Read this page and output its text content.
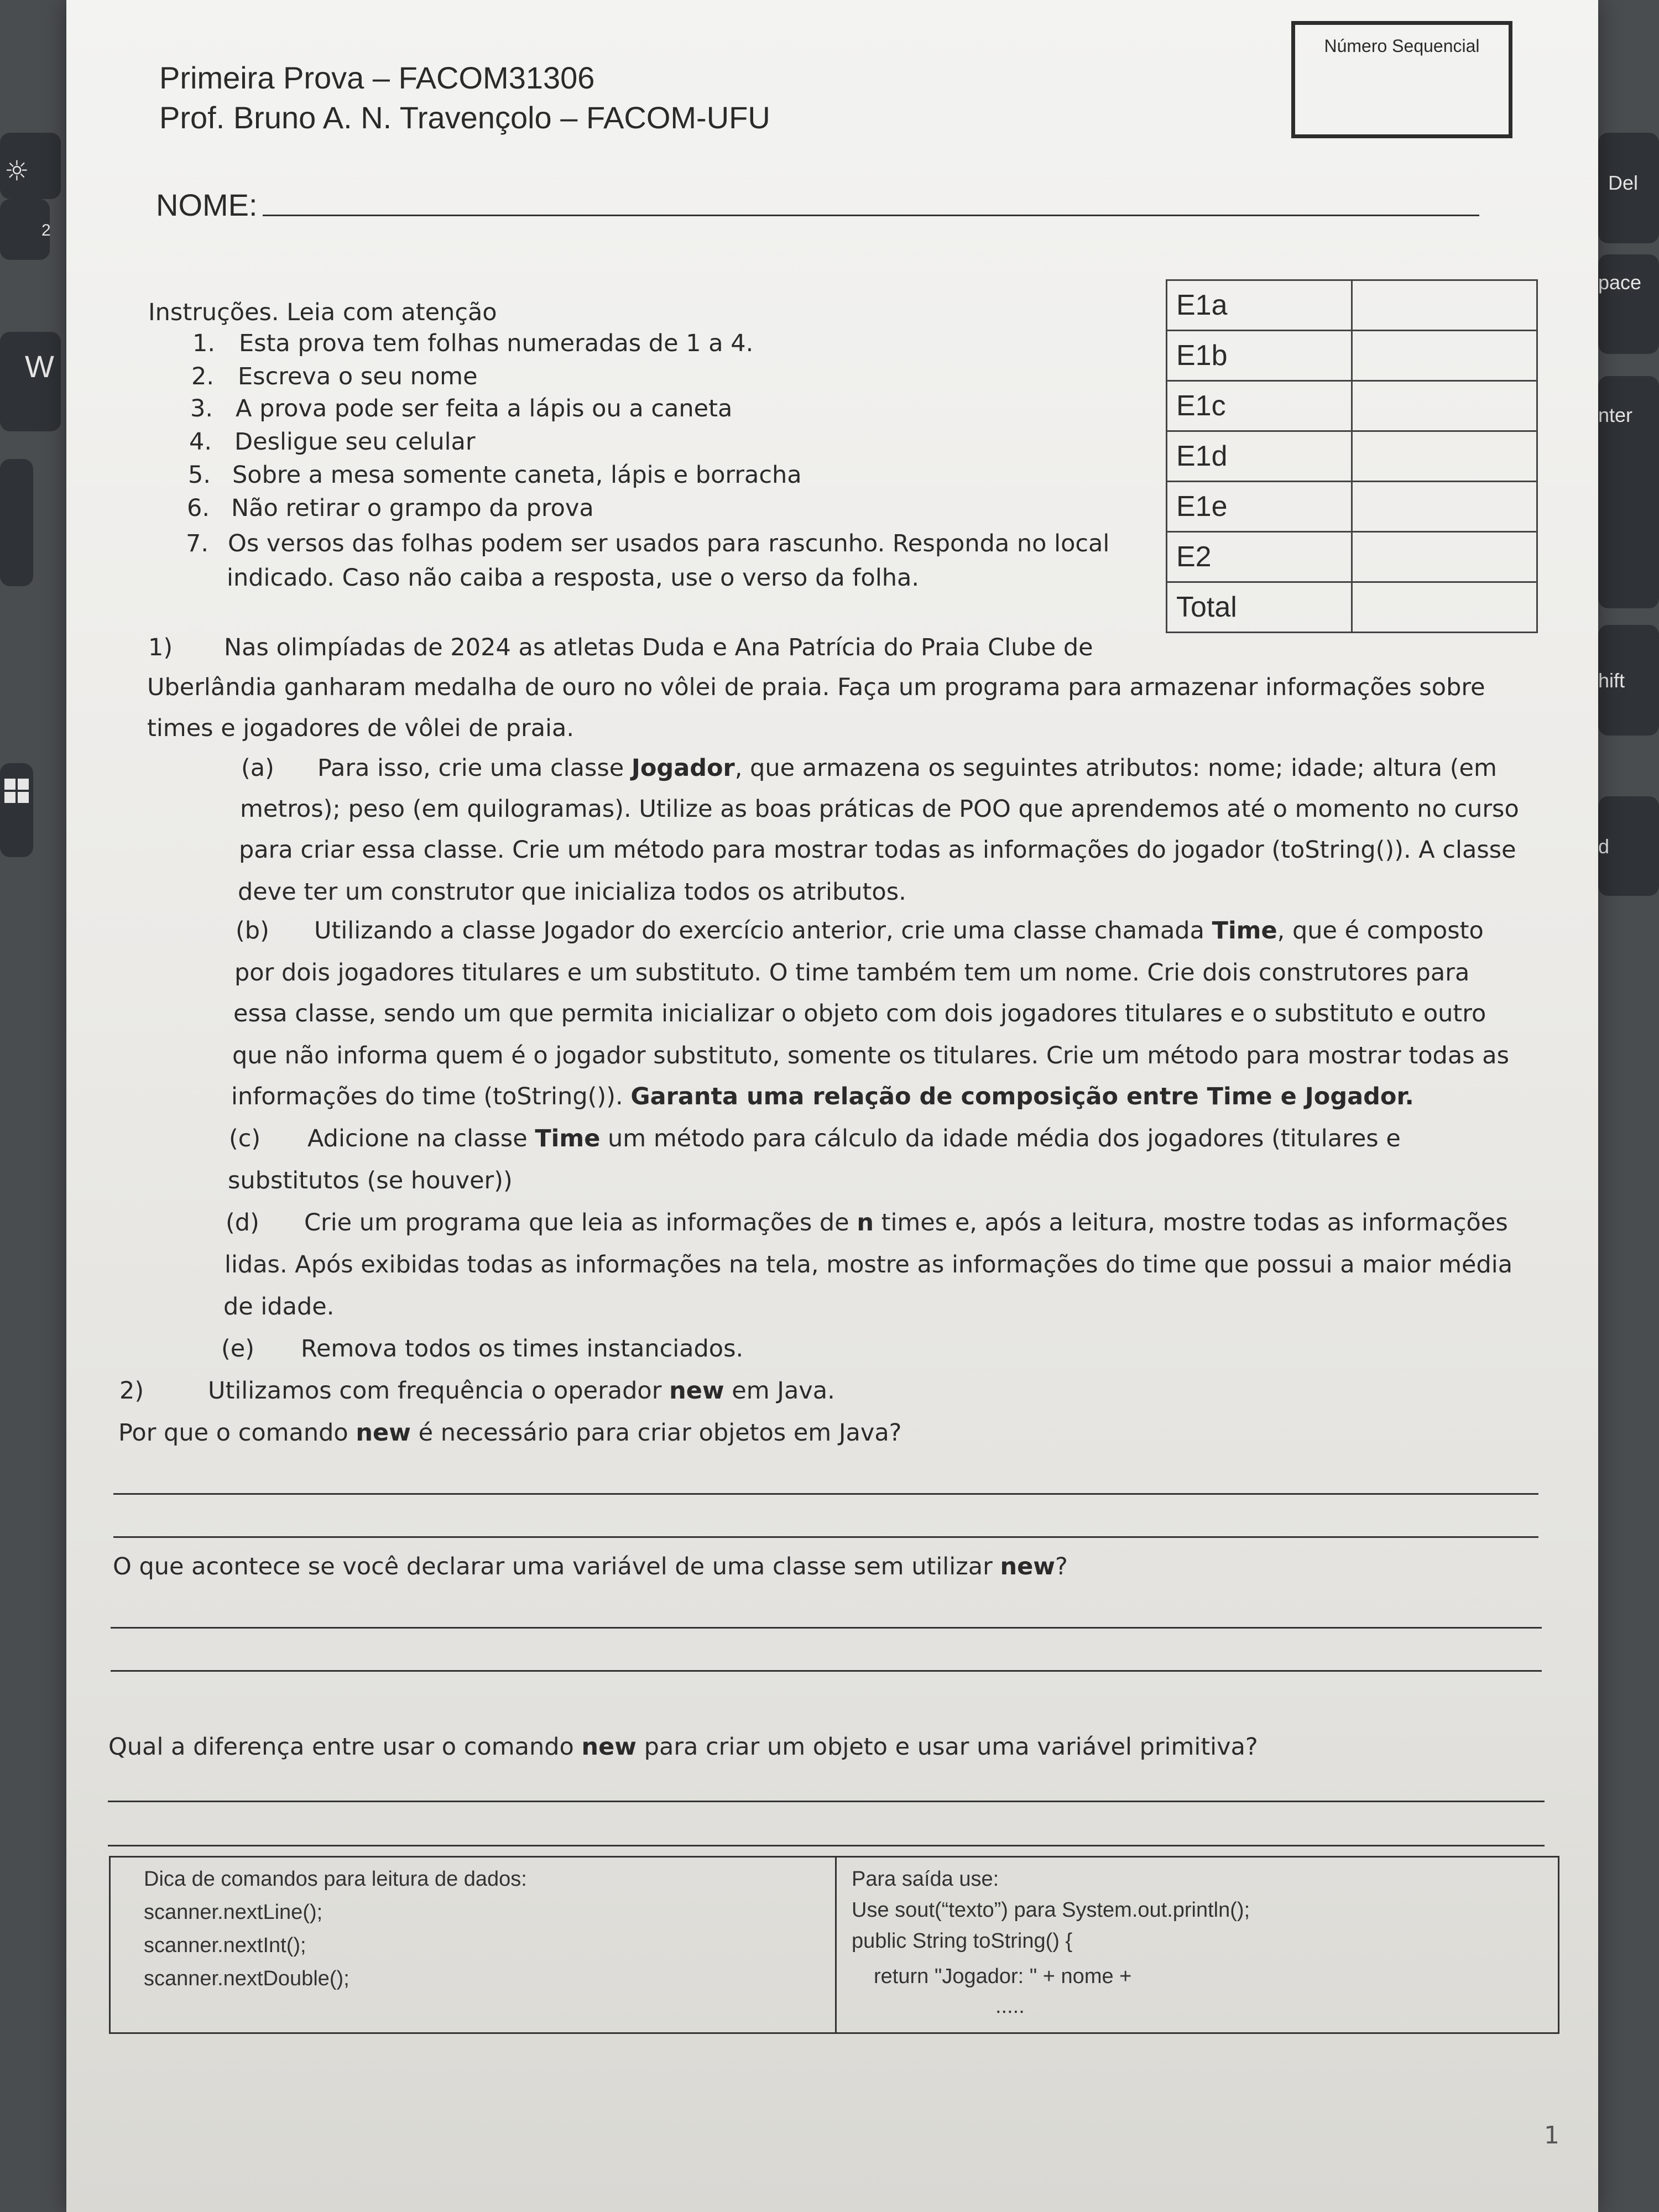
2
W
☼	Del
pace
nter
hift
d
Primeira Prova – FACOM31306
Prof. Bruno A. N. Travençolo – FACOM-UFU
Número Sequencial
NOME:
E1a	
E1b	
E1c	
E1d	
E1e	
E2	
Total	
Instruções. Leia com atenção
1. Esta prova tem folhas numeradas de 1 a 4.
2. Escreva o seu nome
3. A prova pode ser feita a lápis ou a caneta
4. Desligue seu celular
5. Sobre a mesa somente caneta, lápis e borracha
6. Não retirar o grampo da prova
7. Os versos das folhas podem ser usados para rascunho. Responda no local
indicado. Caso não caiba a resposta, use o verso da folha.
1) Nas olimpíadas de 2024 as atletas Duda e Ana Patrícia do Praia Clube de
Uberlândia ganharam medalha de ouro no vôlei de praia. Faça um programa para armazenar informações sobre
times e jogadores de vôlei de praia.
(a) Para isso, crie uma classe Jogador, que armazena os seguintes atributos: nome; idade; altura (em
metros); peso (em quilogramas). Utilize as boas práticas de POO que aprendemos até o momento no curso
para criar essa classe. Crie um método para mostrar todas as informações do jogador (toString()). A classe
deve ter um construtor que inicializa todos os atributos.
(b) Utilizando a classe Jogador do exercício anterior, crie uma classe chamada Time, que é composto
por dois jogadores titulares e um substituto. O time também tem um nome. Crie dois construtores para
essa classe, sendo um que permita inicializar o objeto com dois jogadores titulares e o substituto e outro
que não informa quem é o jogador substituto, somente os titulares. Crie um método para mostrar todas as
informações do time (toString()). Garanta uma relação de composição entre Time e Jogador.
(c) Adicione na classe Time um método para cálculo da idade média dos jogadores (titulares e
substitutos (se houver))
(d) Crie um programa que leia as informações de n times e, após a leitura, mostre todas as informações
lidas. Após exibidas todas as informações na tela, mostre as informações do time que possui a maior média
de idade.
(e) Remova todos os times instanciados.
2)	Utilizamos com frequência o operador new em Java.
Por que o comando new é necessário para criar objetos em Java?
O que acontece se você declarar uma variável de uma classe sem utilizar new?
Qual a diferença entre usar o comando new para criar um objeto e usar uma variável primitiva?
Dica de comandos para leitura de dados:
scanner.nextLine();
scanner.nextInt();
scanner.nextDouble();
Para saída use:
Use sout(“texto”) para System.out.println();
public String toString() {
return "Jogador: " + nome +
.....
1
